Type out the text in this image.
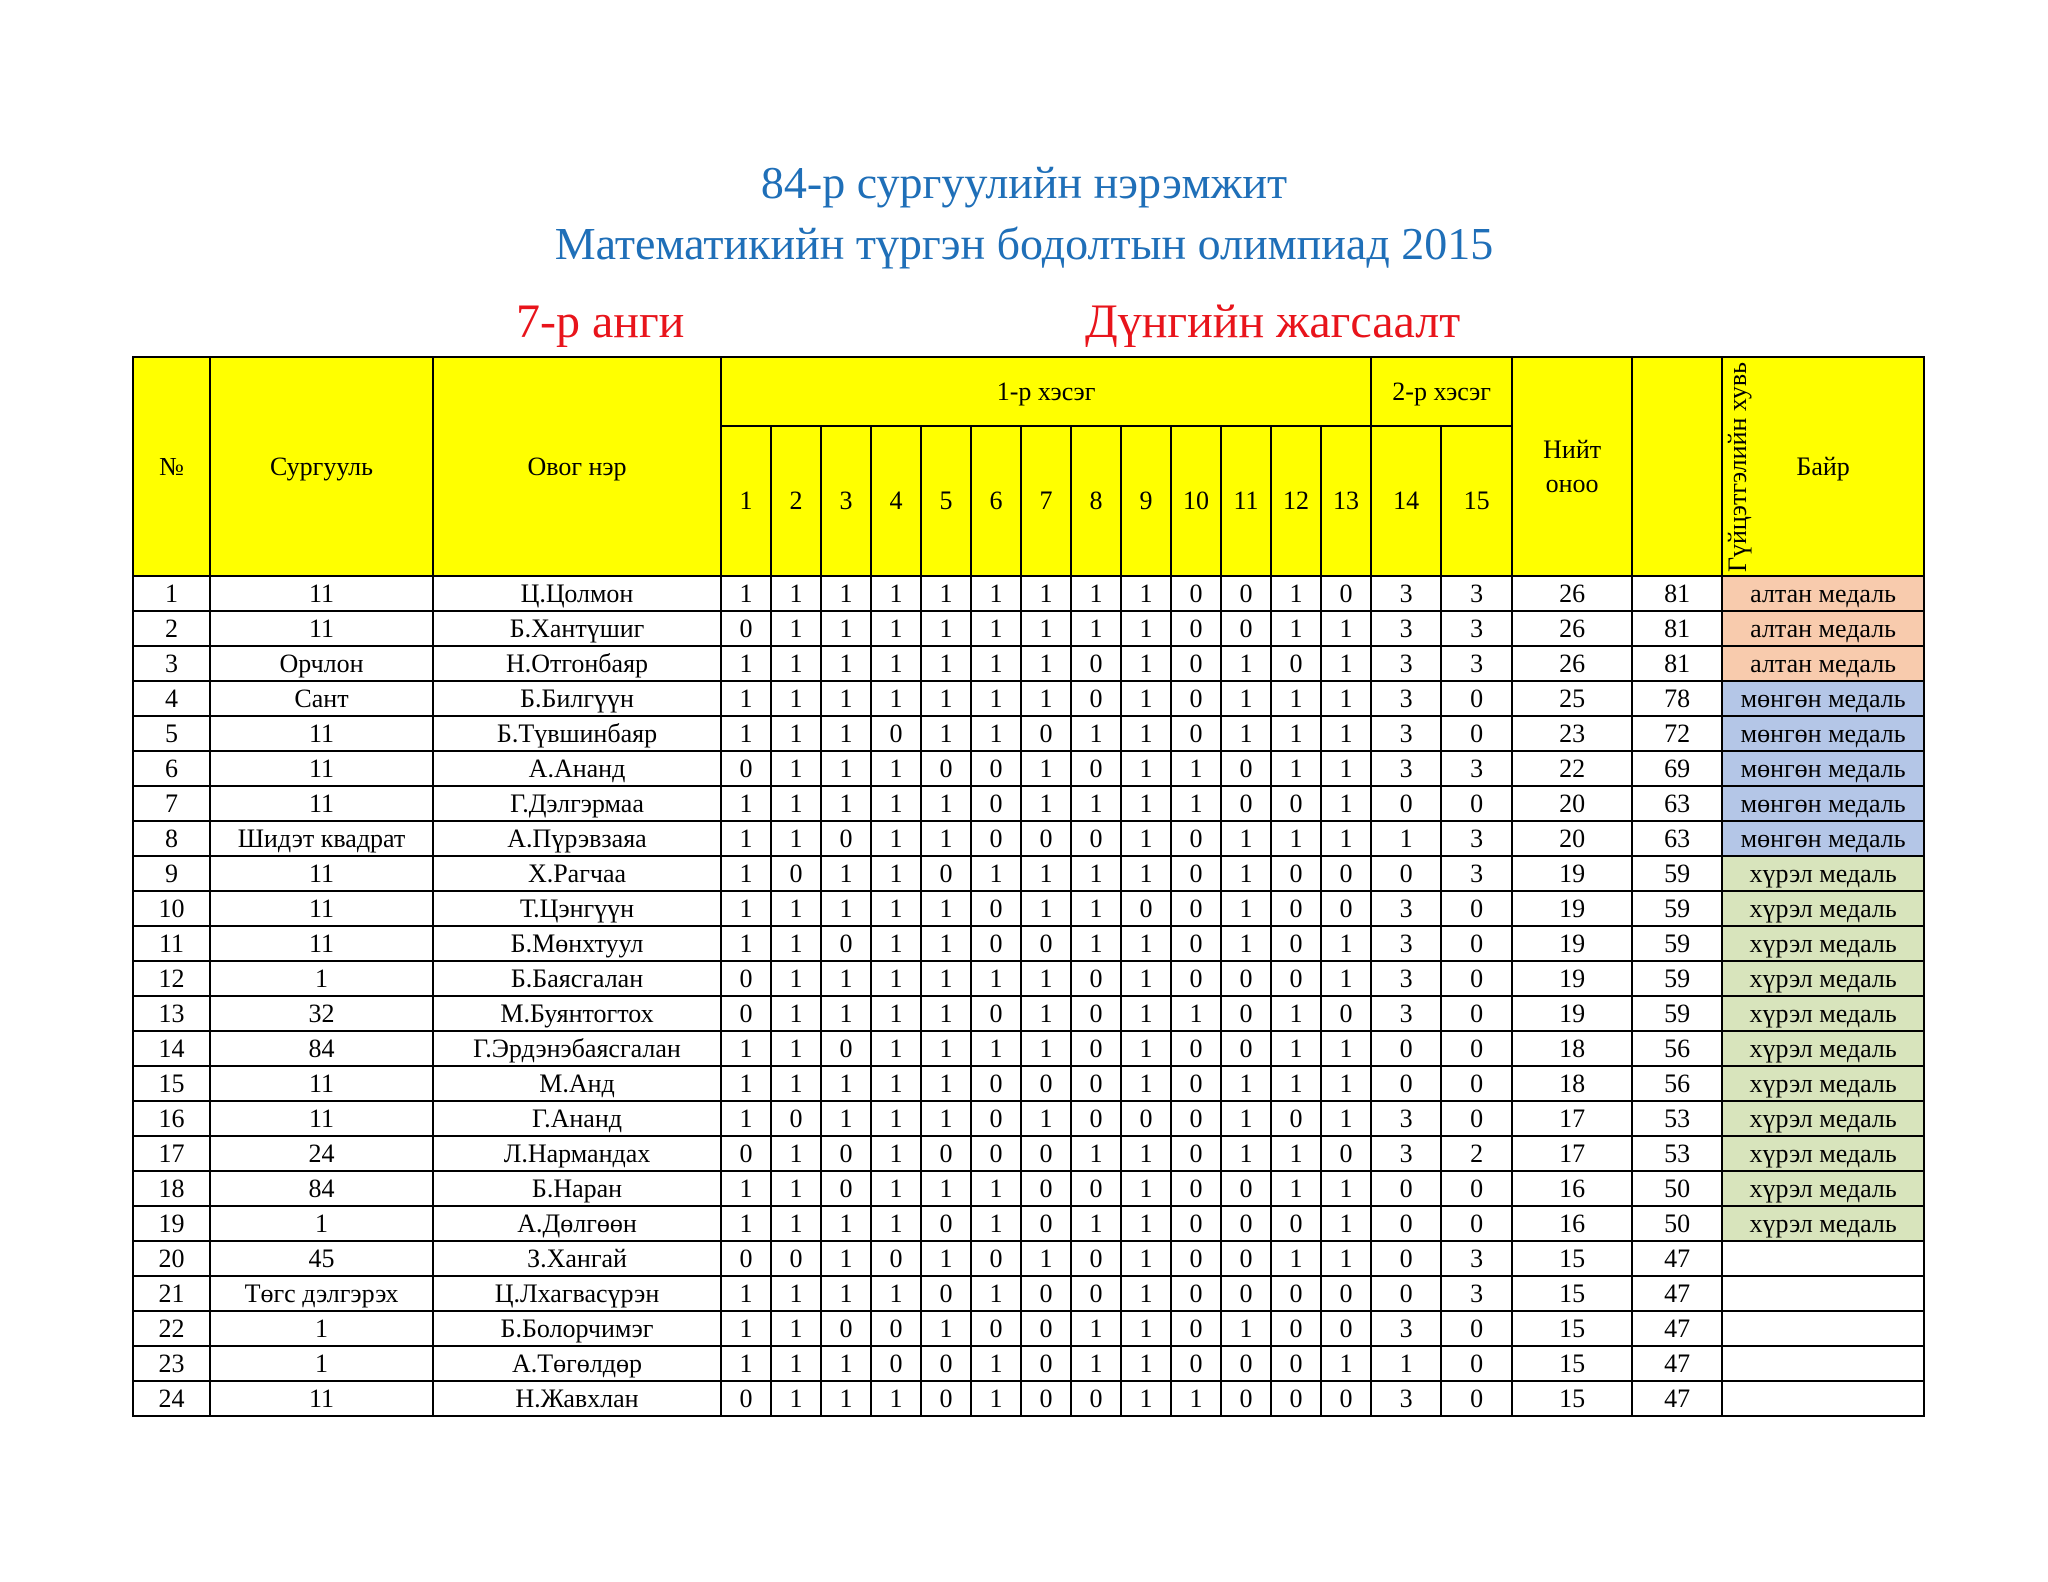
84-р сургуулийн нэрэмжит
Математикийн түргэн бодолтын олимпиад 2015
7-р анги	Дүнгийн жагсаалт
№	Сургууль	Овог нэр	1-р хэсэг													2-р хэсэг		Нийт оноо	Гүйцэтгэлийн хувь	Байр
			1	2	3	4	5	6	7	8	9	10	11	12	13	14	15			
1	11	Ц.Цолмон	1	1	1	1	1	1	1	1	1	0	0	1	0	3	3	26	81	алтан медаль
2	11	Б.Хантүшиг	0	1	1	1	1	1	1	1	1	0	0	1	1	3	3	26	81	алтан медаль
3	Орчлон	Н.Отгонбаяр	1	1	1	1	1	1	1	0	1	0	1	0	1	3	3	26	81	алтан медаль
4	Сант	Б.Билгүүн	1	1	1	1	1	1	1	0	1	0	1	1	1	3	0	25	78	мөнгөн медаль
5	11	Б.Түвшинбаяр	1	1	1	0	1	1	0	1	1	0	1	1	1	3	0	23	72	мөнгөн медаль
6	11	А.Ананд	0	1	1	1	0	0	1	0	1	1	0	1	1	3	3	22	69	мөнгөн медаль
7	11	Г.Дэлгэрмаа	1	1	1	1	1	0	1	1	1	1	0	0	1	0	0	20	63	мөнгөн медаль
8	Шидэт квадрат	А.Пүрэвзаяа	1	1	0	1	1	0	0	0	1	0	1	1	1	1	3	20	63	мөнгөн медаль
9	11	Х.Рагчаа	1	0	1	1	0	1	1	1	1	0	1	0	0	0	3	19	59	хүрэл медаль
10	11	Т.Цэнгүүн	1	1	1	1	1	0	1	1	0	0	1	0	0	3	0	19	59	хүрэл медаль
11	11	Б.Мөнхтуул	1	1	0	1	1	0	0	1	1	0	1	0	1	3	0	19	59	хүрэл медаль
12	1	Б.Баясгалан	0	1	1	1	1	1	1	0	1	0	0	0	1	3	0	19	59	хүрэл медаль
13	32	М.Буянтогтох	0	1	1	1	1	0	1	0	1	1	0	1	0	3	0	19	59	хүрэл медаль
14	84	Г.Эрдэнэбаясгалан	1	1	0	1	1	1	1	0	1	0	0	1	1	0	0	18	56	хүрэл медаль
15	11	М.Анд	1	1	1	1	1	0	0	0	1	0	1	1	1	0	0	18	56	хүрэл медаль
16	11	Г.Ананд	1	0	1	1	1	0	1	0	0	0	1	0	1	3	0	17	53	хүрэл медаль
17	24	Л.Нармандах	0	1	0	1	0	0	0	1	1	0	1	1	0	3	2	17	53	хүрэл медаль
18	84	Б.Наран	1	1	0	1	1	1	0	0	1	0	0	1	1	0	0	16	50	хүрэл медаль
19	1	А.Дөлгөөн	1	1	1	1	0	1	0	1	1	0	0	0	1	0	0	16	50	хүрэл медаль
20	45	З.Хангай	0	0	1	0	1	0	1	0	1	0	0	1	1	0	3	15	47	
21	Төгс дэлгэрэх	Ц.Лхагвасүрэн	1	1	1	1	0	1	0	0	1	0	0	0	0	0	3	15	47	
22	1	Б.Болорчимэг	1	1	0	0	1	0	0	1	1	0	1	0	0	3	0	15	47	
23	1	А.Төгөлдөр	1	1	1	0	0	1	0	1	1	0	0	0	1	1	0	15	47	
24	11	Н.Жавхлан	0	1	1	1	0	1	0	0	1	1	0	0	0	3	0	15	47	
